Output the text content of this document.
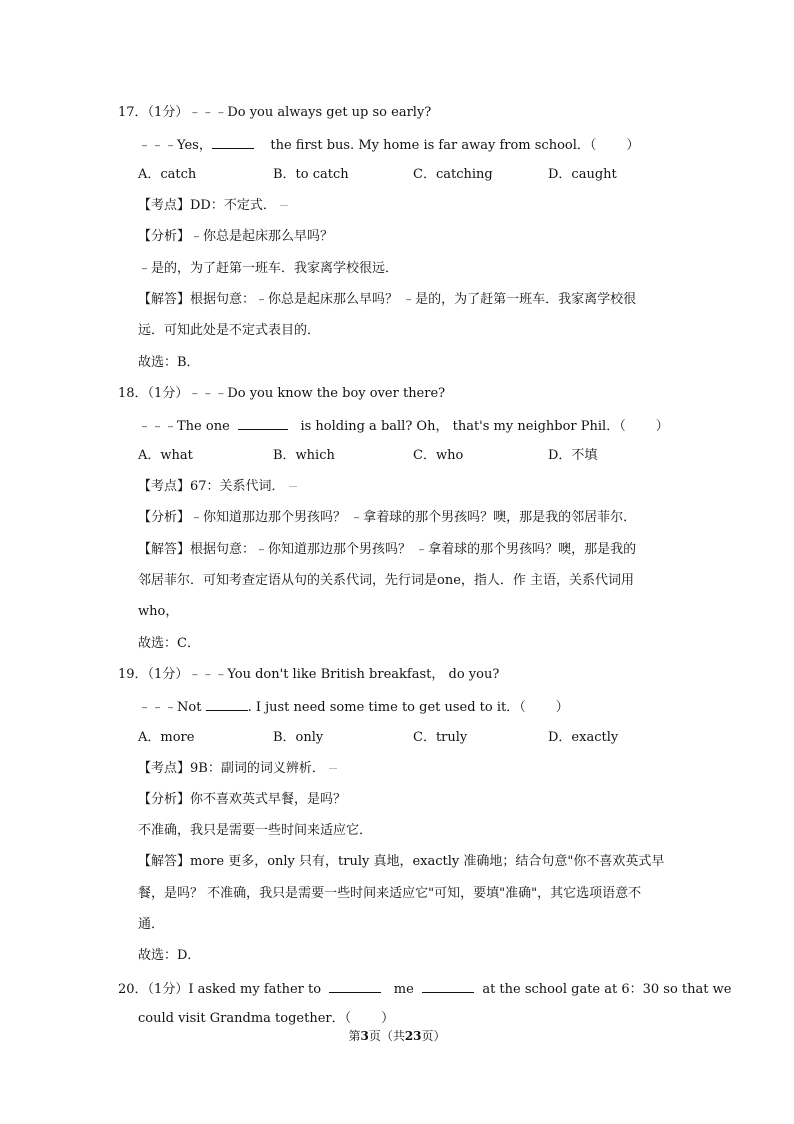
17．（1分）﹣﹣﹣Do you always get up so early?
﹣﹣﹣Yes，	the first bus. My home is far away from school．（ ）
A．catch	B．to catch	C．catching	D．caught
【考点】DD：不定式．
【分析】﹣你总是起床那么早吗？
﹣是的，为了赶第一班车．我家离学校很远．
【解答】根据句意：﹣你总是起床那么早吗？ ﹣是的，为了赶第一班车．我家离学校很
远．可知此处是不定式表目的．
故选：B．
18．（1分）﹣﹣﹣Do you know the boy over there?
﹣﹣﹣The one	is holding a ball? Oh， that's my neighbor Phil．（ ）
A．what	B．which	C．who	D．不填
【考点】67：关系代词．
【分析】﹣你知道那边那个男孩吗？ ﹣拿着球的那个男孩吗？噢，那是我的邻居菲尔．
【解答】根据句意：﹣你知道那边那个男孩吗？ ﹣拿着球的那个男孩吗？噢，那是我的
邻居菲尔．可知考查定语从句的关系代词，先行词是one，指人．作 主语，关系代词用
who，
故选：C．
19．（1分）﹣﹣﹣You don't like British breakfast， do you?
﹣﹣﹣Not	. I just need some time to get used to it．（ ）
A．more	B．only	C．truly	D．exactly
【考点】9B：副词的词义辨析．
【分析】你不喜欢英式早餐，是吗？
不准确，我只是需要一些时间来适应它．
【解答】more 更多，only 只有，truly 真地，exactly 准确地；结合句意"你不喜欢英式早
餐，是吗？ 不准确，我只是需要一些时间来适应它"可知，要填"准确"，其它选项语意不
通．
故选：D．
20．（1分）I asked my father to	me	at the school gate at 6：30 so that we
could visit Grandma together．（ ）
第3页（共23页）
